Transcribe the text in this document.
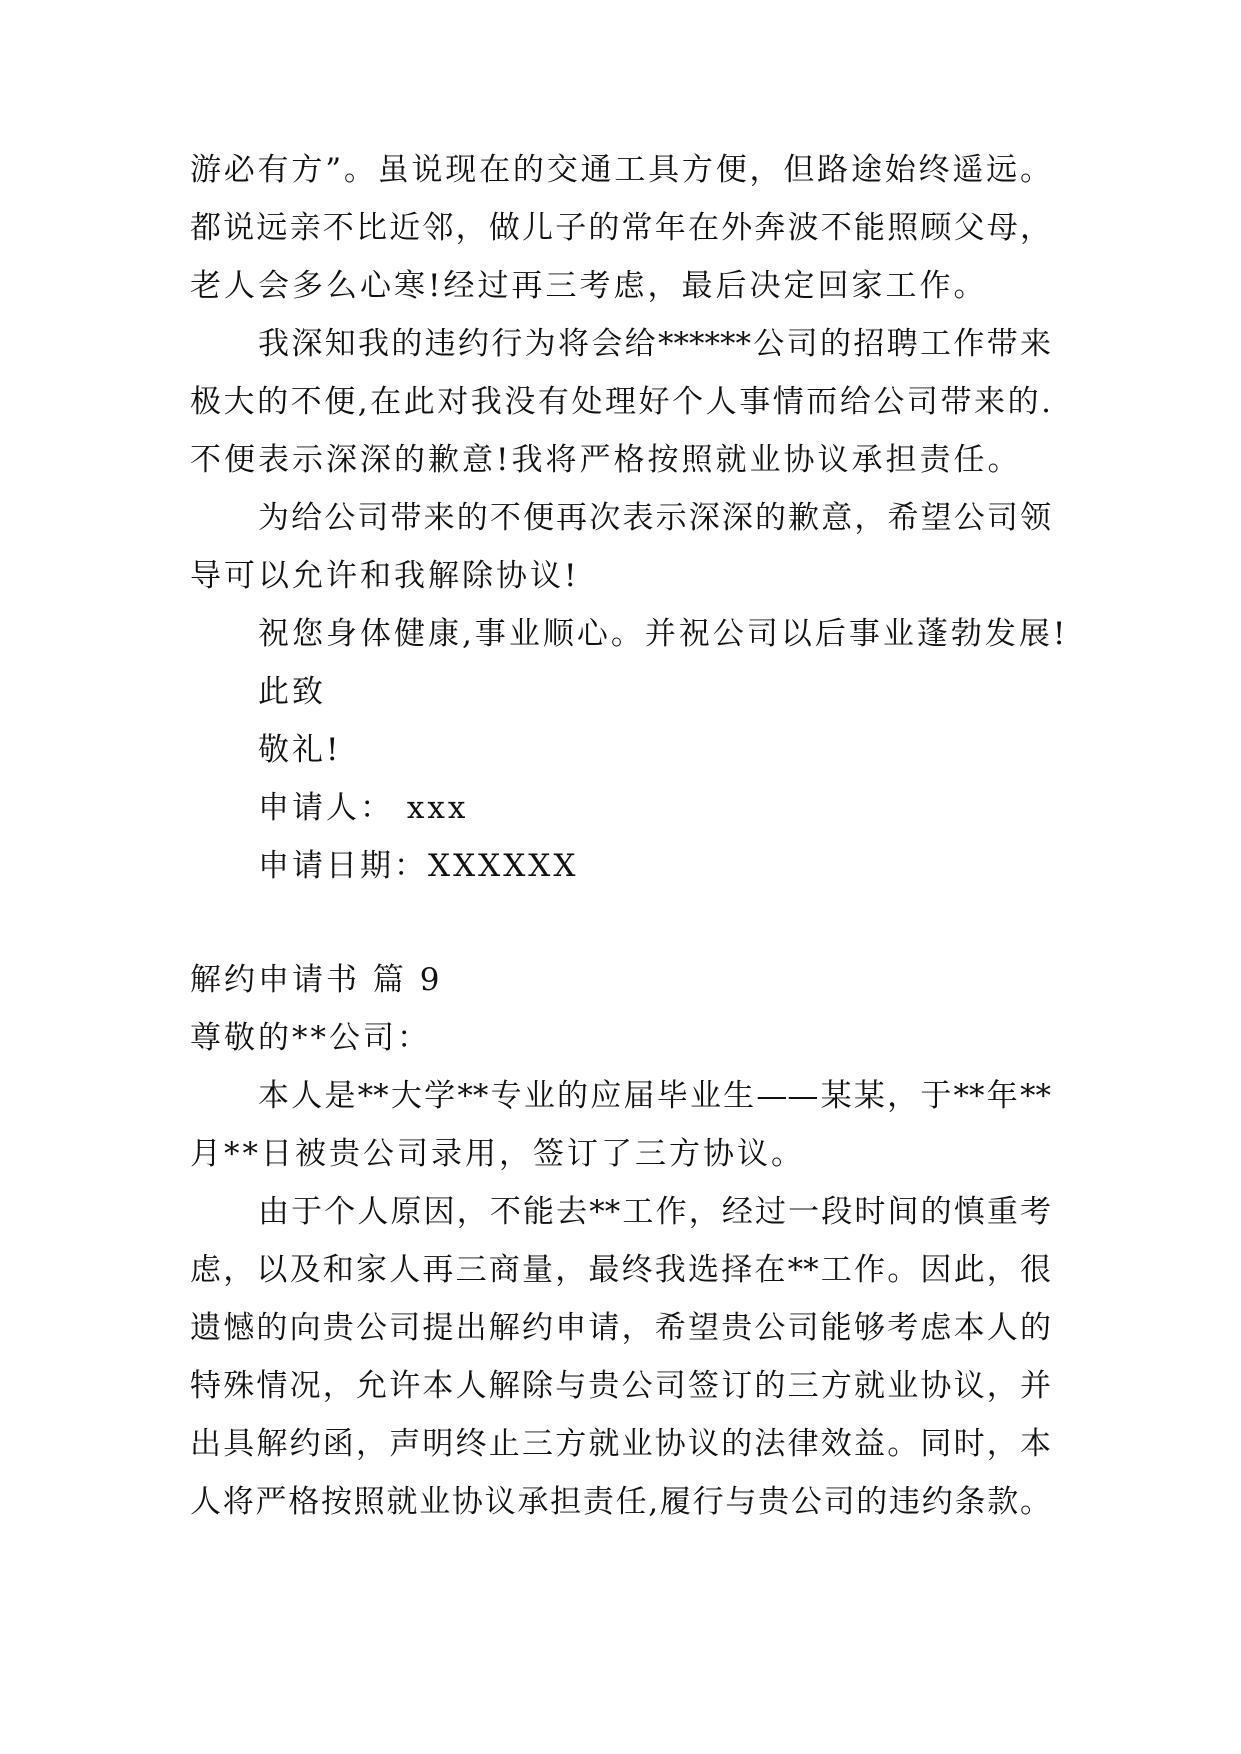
游必有方”。虽说现在的交通工具方便，但路途始终遥远。
都说远亲不比近邻，做儿子的常年在外奔波不能照顾父母，
老人会多么心寒!经过再三考虑，最后决定回家工作。
我深知我的违约行为将会给******公司的招聘工作带来
极大的不便,在此对我没有处理好个人事情而给公司带来的.
不便表示深深的歉意!我将严格按照就业协议承担责任。
为给公司带来的不便再次表示深深的歉意，希望公司领
导可以允许和我解除协议!
祝您身体健康,事业顺心。并祝公司以后事业蓬勃发展!
此致
敬礼!
申请人： xxx
申请日期：XXXXXX
解约申请书 篇 9
尊敬的**公司：
本人是**大学**专业的应届毕业生——某某，于**年**
月**日被贵公司录用，签订了三方协议。
由于个人原因，不能去**工作，经过一段时间的慎重考
虑，以及和家人再三商量，最终我选择在**工作。因此，很
遗憾的向贵公司提出解约申请，希望贵公司能够考虑本人的
特殊情况，允许本人解除与贵公司签订的三方就业协议，并
出具解约函，声明终止三方就业协议的法律效益。同时，本
人将严格按照就业协议承担责任,履行与贵公司的违约条款。
